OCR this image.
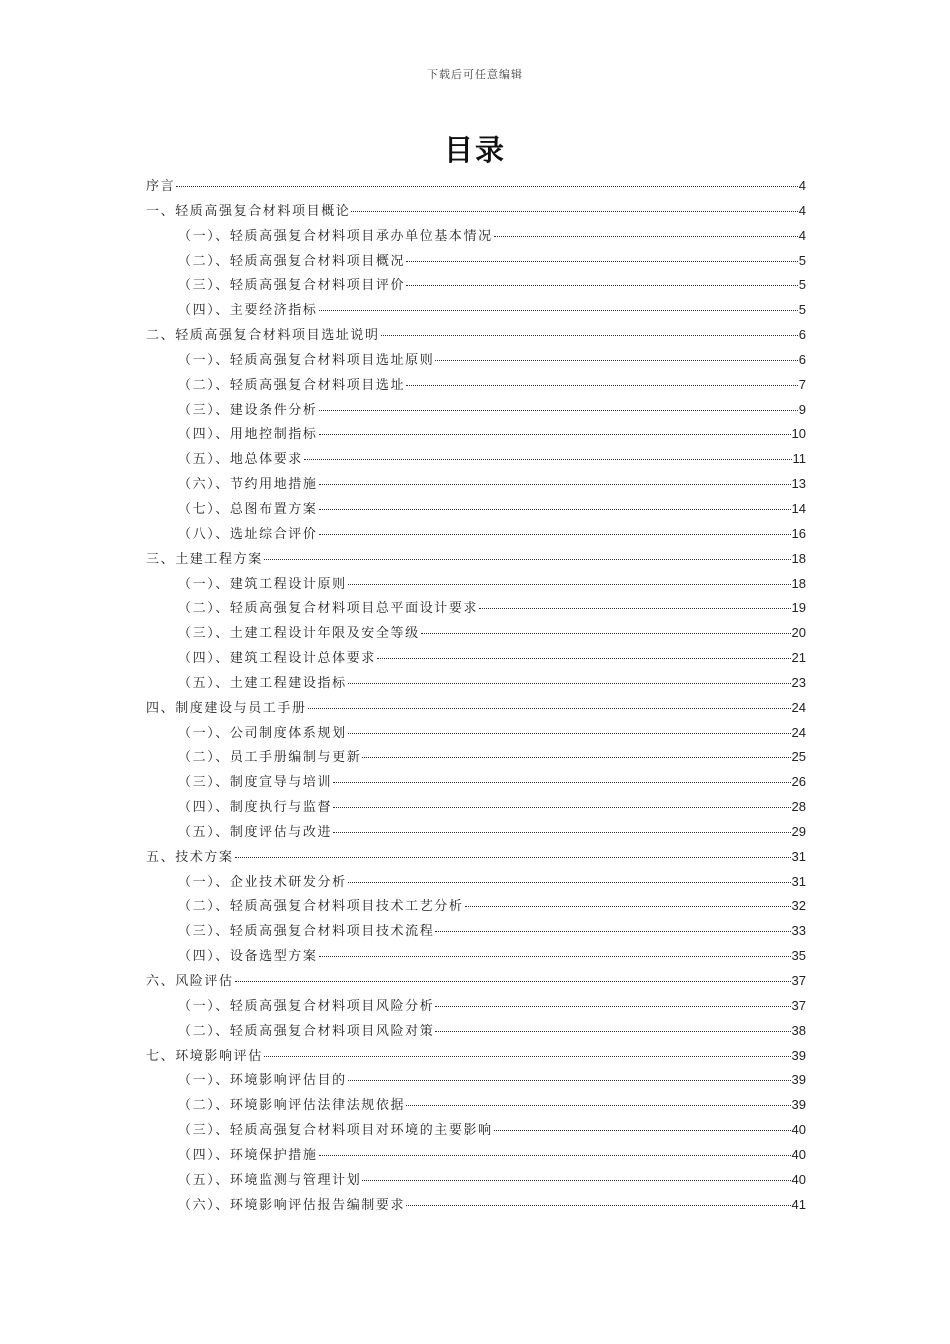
下载后可任意编辑
目录
序言	4
一、轻质高强复合材料项目概论	4
（一）、轻质高强复合材料项目承办单位基本情况	4
（二）、轻质高强复合材料项目概况	5
（三）、轻质高强复合材料项目评价	5
（四）、主要经济指标	5
二、轻质高强复合材料项目选址说明	6
（一）、轻质高强复合材料项目选址原则	6
（二）、轻质高强复合材料项目选址	7
（三）、建设条件分析	9
（四）、用地控制指标	10
（五）、地总体要求	11
（六）、节约用地措施	13
（七）、总图布置方案	14
（八）、选址综合评价	16
三、土建工程方案	18
（一）、建筑工程设计原则	18
（二）、轻质高强复合材料项目总平面设计要求	19
（三）、土建工程设计年限及安全等级	20
（四）、建筑工程设计总体要求	21
（五）、土建工程建设指标	23
四、制度建设与员工手册	24
（一）、公司制度体系规划	24
（二）、员工手册编制与更新	25
（三）、制度宣导与培训	26
（四）、制度执行与监督	28
（五）、制度评估与改进	29
五、技术方案	31
（一）、企业技术研发分析	31
（二）、轻质高强复合材料项目技术工艺分析	32
（三）、轻质高强复合材料项目技术流程	33
（四）、设备选型方案	35
六、风险评估	37
（一）、轻质高强复合材料项目风险分析	37
（二）、轻质高强复合材料项目风险对策	38
七、环境影响评估	39
（一）、环境影响评估目的	39
（二）、环境影响评估法律法规依据	39
（三）、轻质高强复合材料项目对环境的主要影响	40
（四）、环境保护措施	40
（五）、环境监测与管理计划	40
（六）、环境影响评估报告编制要求	41
